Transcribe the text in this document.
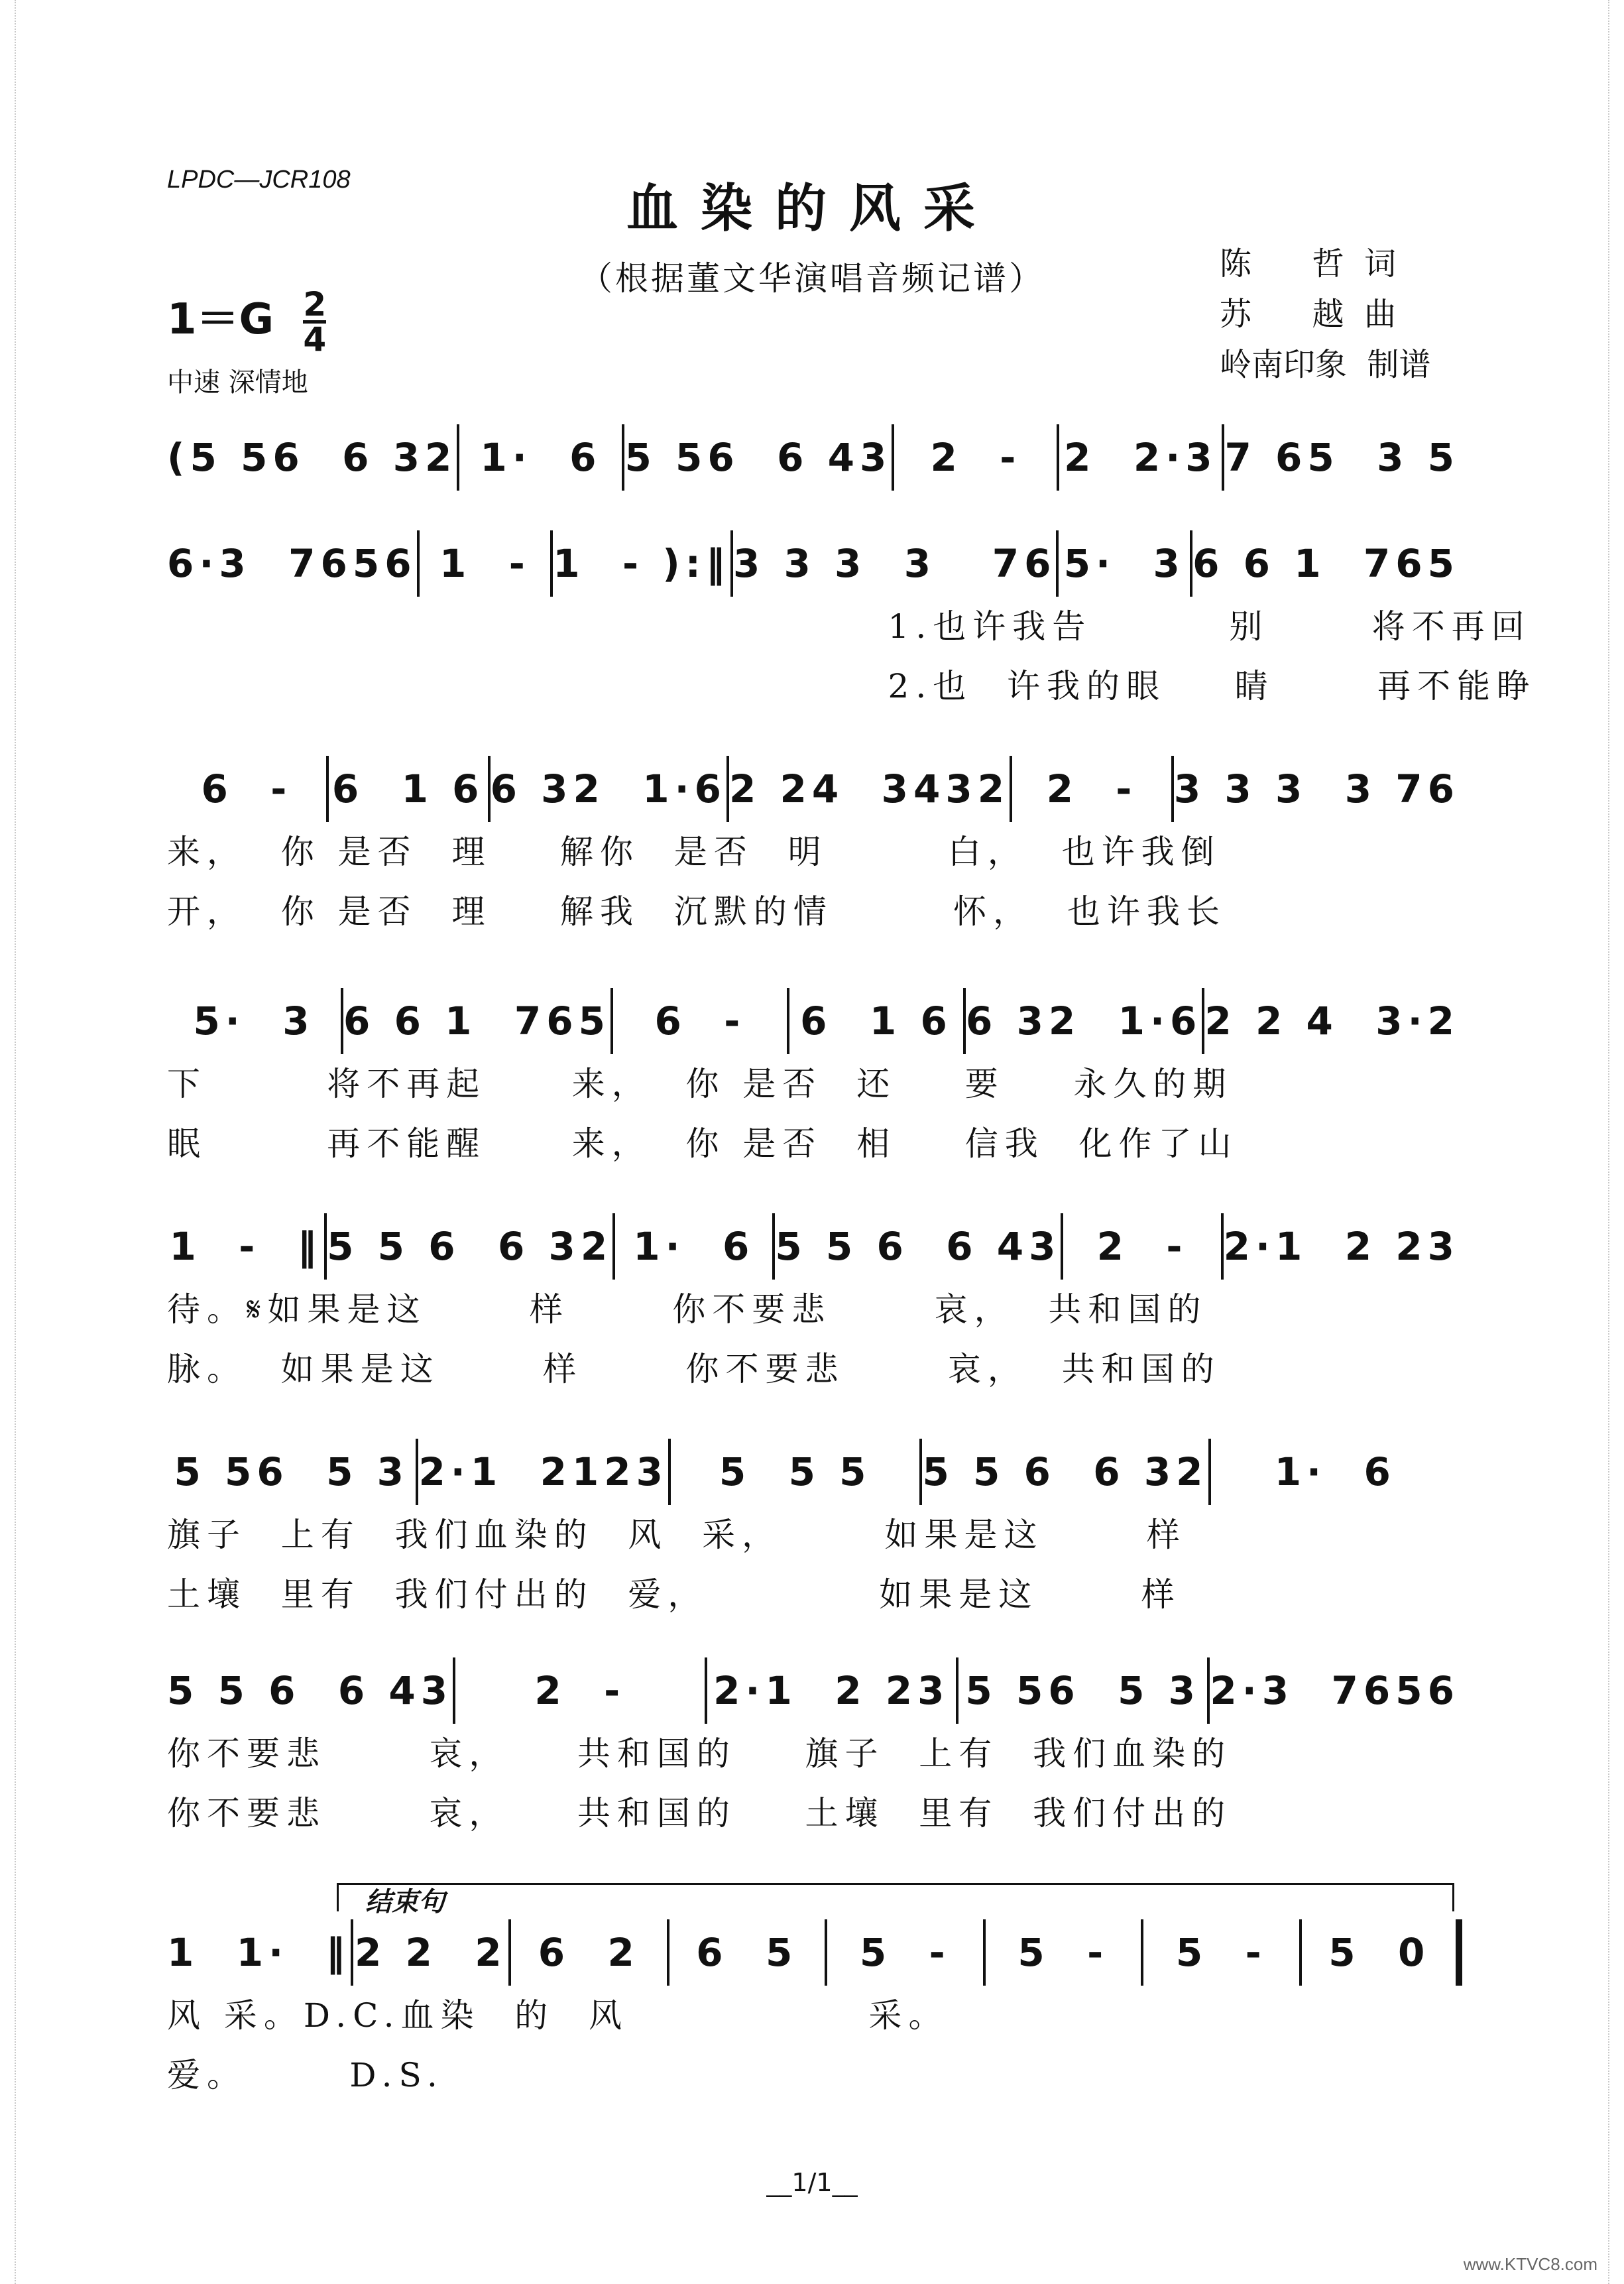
LPDC—JCR108	血染的风采
（根据董文华演唱音频记谱）	陈      哲  词
苏      越  曲
岭南印象  制谱
$1=G \frac{2}{4}$
中速 深情地
(5 56  6 32 1·  6 5 56  6 43	2  -	2  2·3 7 65  3 5
6·3  7656 1  - 1  - ):‖ 3 3 3  3   76 5·  3 6 6 1  765
1.也许我告        别      将不再回
2.也  许我的眼    睛      再不能睁
6  -	6  1 6 6 32  1·6 2 24  3432 2  - 3 3 3  3 76
来，  你 是否  理    解你  是否  明       白，  也许我倒
开，  你 是否  理    解我  沉默的情       怀，  也许我长
5·  3 6 6 1  765	6  -	6  1 6 6 32  1·6 2 2 4  3·2
下       将不再起     来，  你 是否  还    要    永久的期
眠       再不能醒     来，  你 是否  相    信我  化作了山
1  -  ‖ 5 5 6  6 32 1·  6 5 5 6  6 43 2  - 2·1  2 23
待。𝄋如果是这      样      你不要悲      哀，  共和国的
脉。  如果是这      样      你不要悲      哀，  共和国的
5 56  5 3 2·1  2123	5  5 5	5 5 6  6 32	1·  6
旗子  上有  我们血染的  风  采，      如果是这      样
土壤  里有  我们付出的  爱，          如果是这      样
5 5 6  6 43	2  -	2·1  2 23 5 56  5 3 2·3  7656
你不要悲      哀，    共和国的    旗子  上有  我们血染的
你不要悲      哀，    共和国的    土壤  里有  我们付出的
结束句
1  1·  ‖ 2 2  2 6  2	6  5	5  -	5  -	5  -	5  0
风 采。D.C.血染  的  风              采。
爱。      D.S.
__1/1__
www.KTVC8.com
